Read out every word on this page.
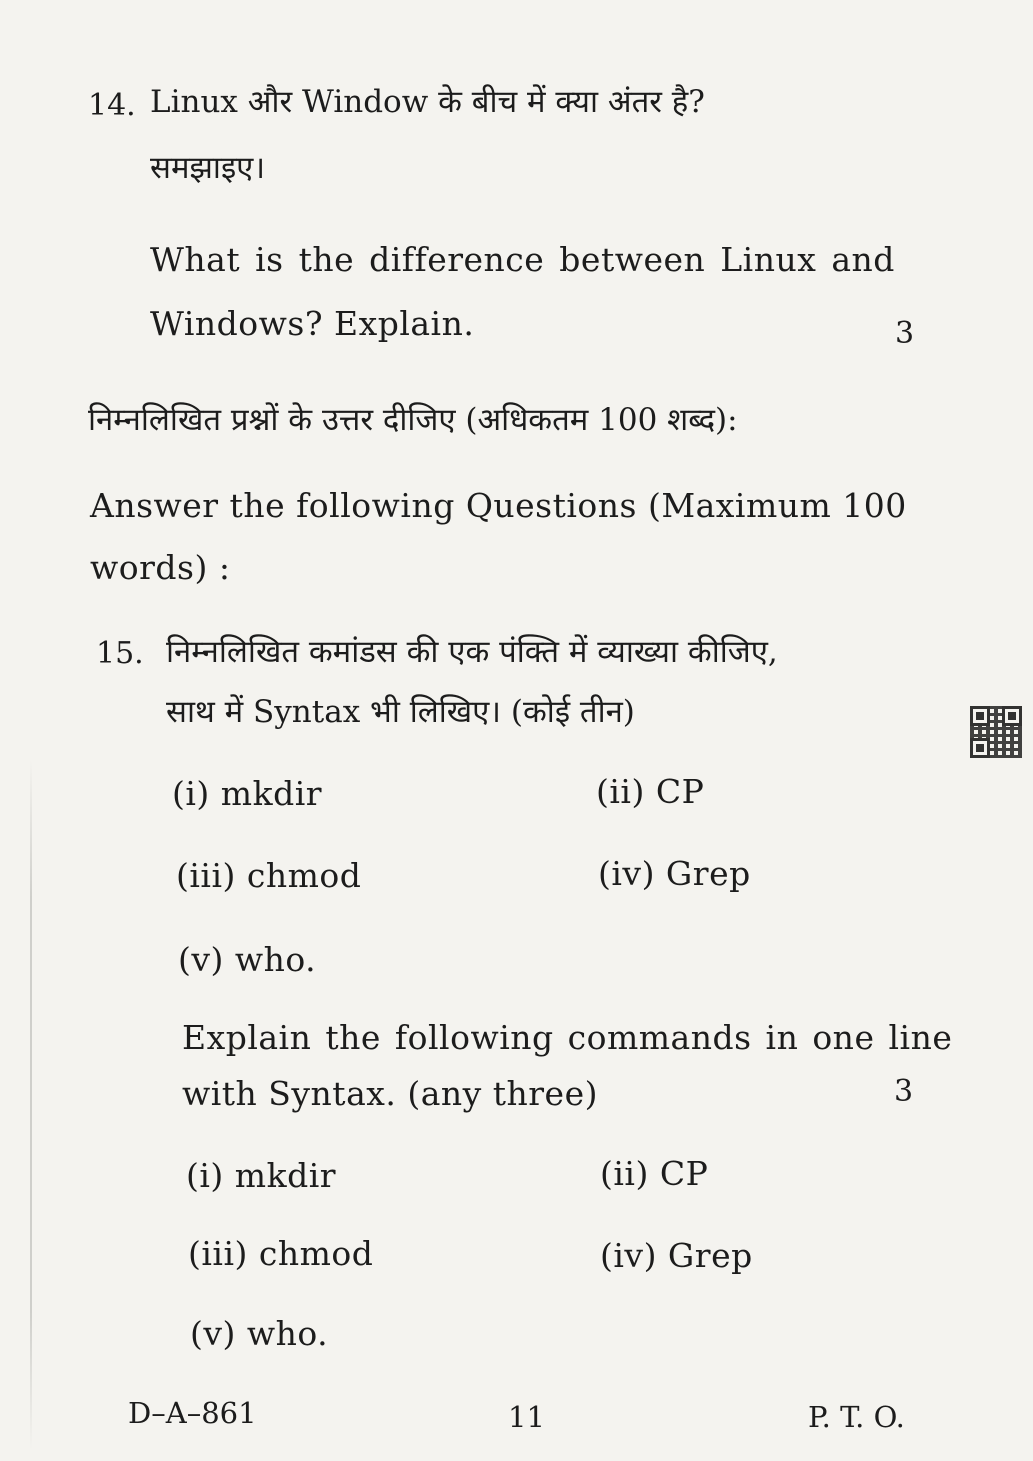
14. Linux और Window के बीच में क्या अंतर है?
समझाइए।
What is the difference between Linux and
Windows? Explain.	3
निम्नलिखित प्रश्नों के उत्तर दीजिए (अधिकतम 100 शब्द):
Answer the following Questions (Maximum 100
words) :
15. निम्नलिखित कमांडस की एक पंक्ति में व्याख्या कीजिए,
साथ में Syntax भी लिखिए। (कोई तीन)
(i) mkdir	(ii) CP
(iii) chmod	(iv) Grep
(v) who.
Explain the following commands in one line
with Syntax. (any three)	3
(i) mkdir	(ii) CP
(iii) chmod	(iv) Grep
(v) who.
D–A–861	11	P. T. O.
